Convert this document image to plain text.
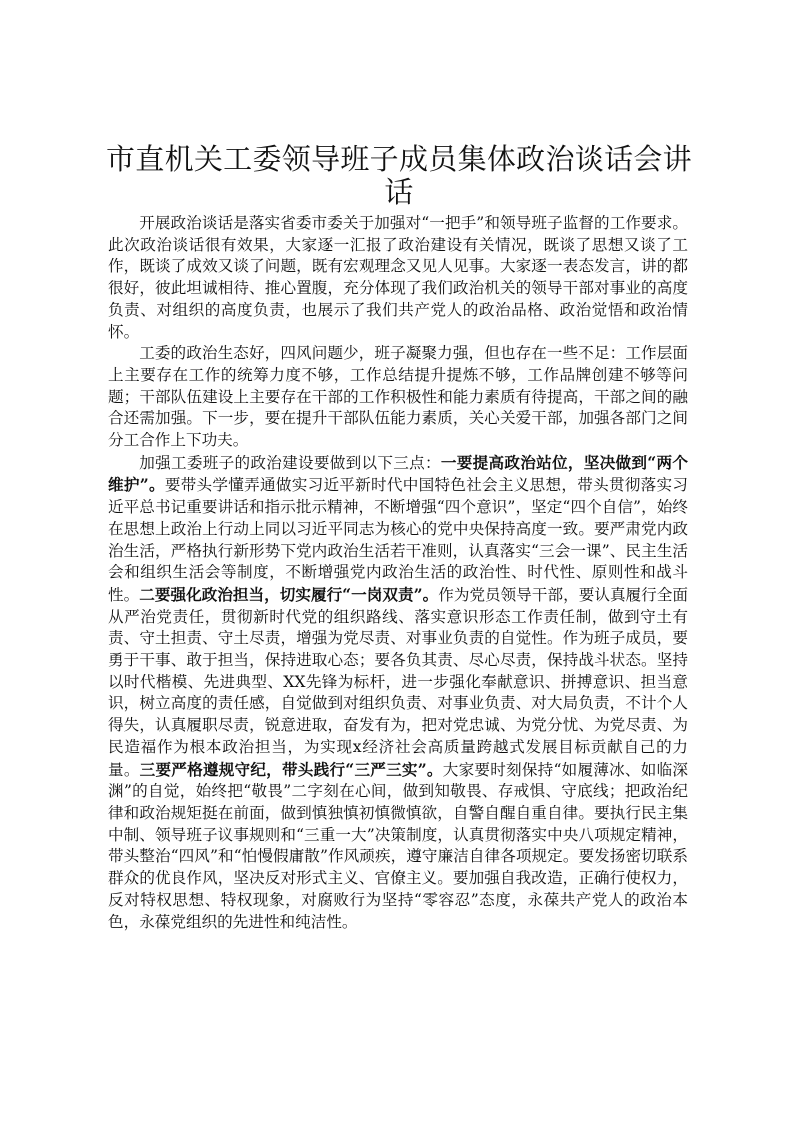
市直机关工委领导班子成员集体政治谈话会讲话

开展政治谈话是落实省委市委关于加强对“一把手”和领导班子监督的工作要求。此次政治谈话很有效果，大家逐一汇报了政治建设有关情况，既谈了思想又谈了工作，既谈了成效又谈了问题，既有宏观理念又见人见事。大家逐一表态发言，讲的都很好，彼此坦诚相待、推心置腹，充分体现了我们政治机关的领导干部对事业的高度负责、对组织的高度负责，也展示了我们共产党人的政治品格、政治觉悟和政治情怀。

工委的政治生态好，四风问题少，班子凝聚力强，但也存在一些不足：工作层面上主要存在工作的统筹力度不够，工作总结提升提炼不够，工作品牌创建不够等问题；干部队伍建设上主要存在干部的工作积极性和能力素质有待提高，干部之间的融合还需加强。下一步，要在提升干部队伍能力素质，关心关爱干部，加强各部门之间分工合作上下功夫。

加强工委班子的政治建设要做到以下三点：一要提高政治站位，坚决做到“两个维护”。要带头学懂弄通做实习近平新时代中国特色社会主义思想，带头贯彻落实习近平总书记重要讲话和指示批示精神，不断增强“四个意识”，坚定“四个自信”，始终在思想上政治上行动上同以习近平同志为核心的党中央保持高度一致。要严肃党内政治生活，严格执行新形势下党内政治生活若干准则，认真落实“三会一课”、民主生活会和组织生活会等制度，不断增强党内政治生活的政治性、时代性、原则性和战斗性。二要强化政治担当，切实履行“一岗双责”。作为党员领导干部，要认真履行全面从严治党责任，贯彻新时代党的组织路线、落实意识形态工作责任制，做到守土有责、守土担责、守土尽责，增强为党尽责、对事业负责的自觉性。作为班子成员，要勇于干事、敢于担当，保持进取心态；要各负其责、尽心尽责，保持战斗状态。坚持以时代楷模、先进典型、XX先锋为标杆，进一步强化奉献意识、拼搏意识、担当意识，树立高度的责任感，自觉做到对组织负责、对事业负责、对大局负责，不计个人得失，认真履职尽责，锐意进取，奋发有为，把对党忠诚、为党分忧、为党尽责、为民造福作为根本政治担当，为实现x经济社会高质量跨越式发展目标贡献自己的力量。三要严格遵规守纪，带头践行“三严三实”。大家要时刻保持“如履薄冰、如临深渊”的自觉，始终把“敬畏”二字刻在心间，做到知敬畏、存戒惧、守底线；把政治纪律和政治规矩挺在前面，做到慎独慎初慎微慎欲，自警自醒自重自律。要执行民主集中制、领导班子议事规则和“三重一大”决策制度，认真贯彻落实中央八项规定精神，带头整治“四风”和“怕慢假庸散”作风顽疾，遵守廉洁自律各项规定。要发扬密切联系群众的优良作风，坚决反对形式主义、官僚主义。要加强自我改造，正确行使权力，反对特权思想、特权现象，对腐败行为坚持“零容忍”态度，永葆共产党人的政治本色，永葆党组织的先进性和纯洁性。
